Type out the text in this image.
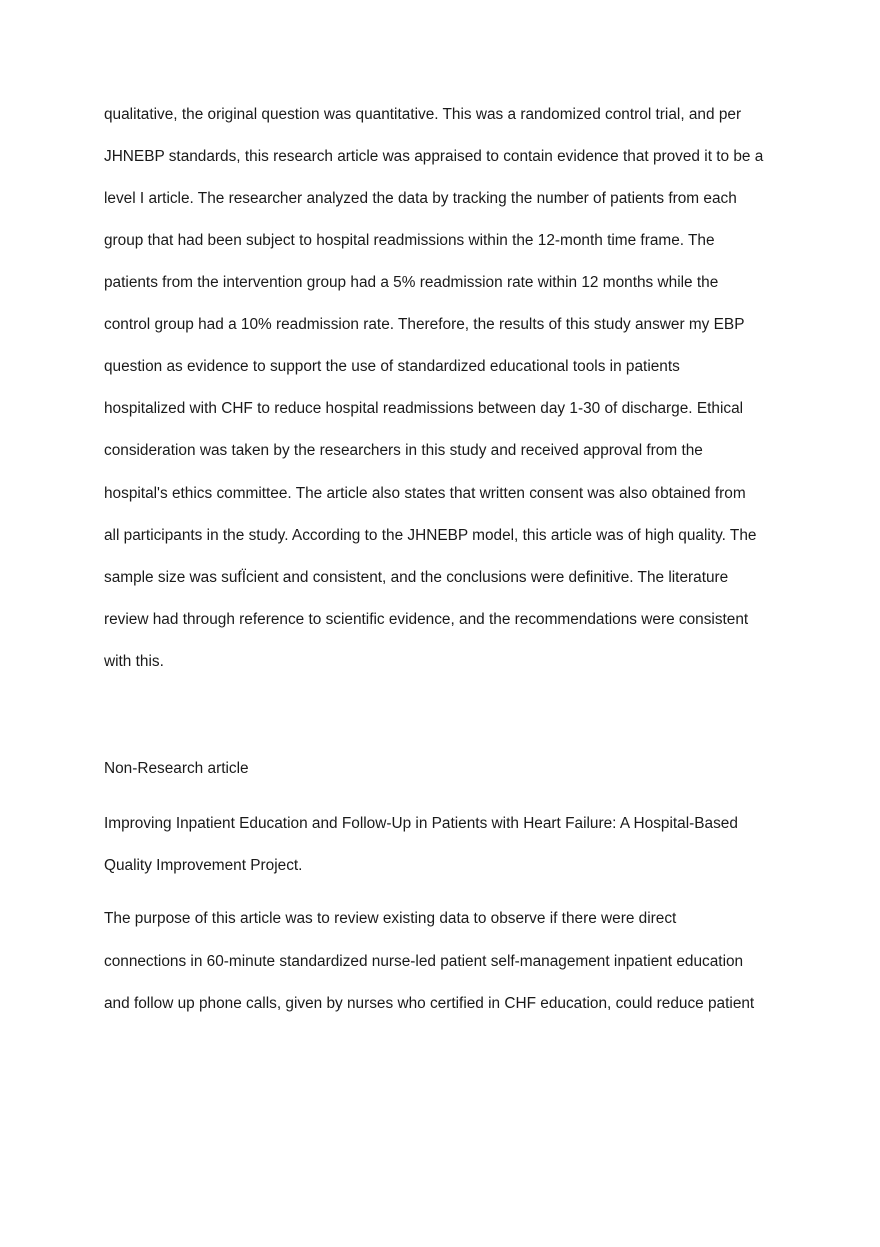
qualitative, the original question was quantitative. This was a randomized control trial, and per
JHNEBP standards, this research article was appraised to contain evidence that proved it to be a
level I article. The researcher analyzed the data by tracking the number of patients from each
group that had been subject to hospital readmissions within the 12-month time frame. The
patients from the intervention group had a 5% readmission rate within 12 months while the
control group had a 10% readmission rate. Therefore, the results of this study answer my EBP
question as evidence to support the use of standardized educational tools in patients
hospitalized with CHF to reduce hospital readmissions between day 1-30 of discharge. Ethical
consideration was taken by the researchers in this study and received approval from the
hospital's ethics committee. The article also states that written consent was also obtained from
all participants in the study. According to the JHNEBP model, this article was of high quality. The
sample size was sufÏcient and consistent, and the conclusions were definitive. The literature
review had through reference to scientific evidence, and the recommendations were consistent
with this.
Non-Research article
Improving Inpatient Education and Follow-Up in Patients with Heart Failure: A Hospital-Based
Quality Improvement Project.
The purpose of this article was to review existing data to observe if there were direct
connections in 60-minute standardized nurse-led patient self-management inpatient education
and follow up phone calls, given by nurses who certified in CHF education, could reduce patient
